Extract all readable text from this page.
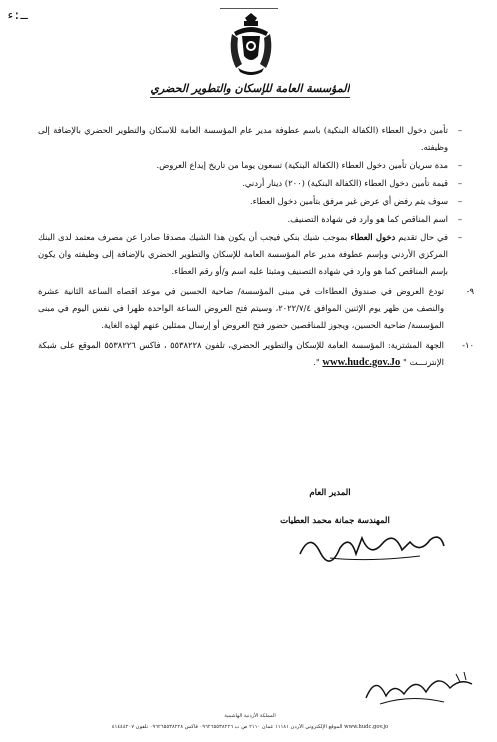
ـ:ء
المؤسسة العامة للإسكان والتطوير الحضري
–
تأمين دخول العطاء (الكفالة البنكية) باسم عطوفة مدير عام المؤسسة العامة للاسكان والتطوير الحضري بالإضافة إلى وظيفته.
–
مدة سريان تأمين دخول العطاء (الكفالة البنكية) تسعون يوما من تاريخ إيداع العروض.
–
قيمة تأمين دخول العطاء (الكفالة البنكية) (٢٠٠) دينار أردني.
–
سوف يتم رفض أي عرض غير مرفق بتأمين دخول العطاء.
–
اسم المناقص كما هو وارد في شهادة التصنيف.
–
في حال تقديم دخول العطاء بموجب شيك بنكي فيجب أن يكون هذا الشيك مصدقا صادرا عن مصرف معتمد لدى البنك المركزي الأردني وبإسم عطوفة مدير عام المؤسسة العامة للإسكان والتطوير الحضري بالإضافة إلى وظيفته وان يكون بإسم المناقص كما هو وارد في شهادة التصنيف ومثبتا عليه اسم و/أو رقم العطاء.
-٩
تودع العروض في صندوق العطاءات في مبنى المؤسسة/ ضاحية الحسين في موعد اقصاه الساعة الثانية عشرة والنصف من ظهر يوم الإثنين الموافق ٢٠٢٢/٧/٤، وسيتم فتح العروض الساعة الواحدة ظهرا في نفس اليوم في مبنى المؤسسة/ ضاحية الحسين، ويجوز للمناقصين حضور فتح العروض أو إرسال ممثلين عنهم لهذه الغاية.
-١٠
الجهة المشترية: المؤسسة العامة للإسكان والتطوير الحضري، تلفون ٥٥٣٨٢٢٨ ، فاكس ٥٥٣٨٢٢٦ الموقع على شبكة الإنترنـــت " www.hudc.gov.Jo ".
المدير العام
المهندسة جمانة محمد العطيات
المملكة الأردنية الهاشمية
www.hudc.gov.jo الموقع الإلكتروني الأردن ١١١٨١ عمان ٢١١٠ ص ب ٠٩٦٢٦٥٥٣٨٢٢٦ فاكس ٠٩٦٢٦٥٥٣٨٢٢٨ تلفون ٤١٤٤٤٢٠٧
